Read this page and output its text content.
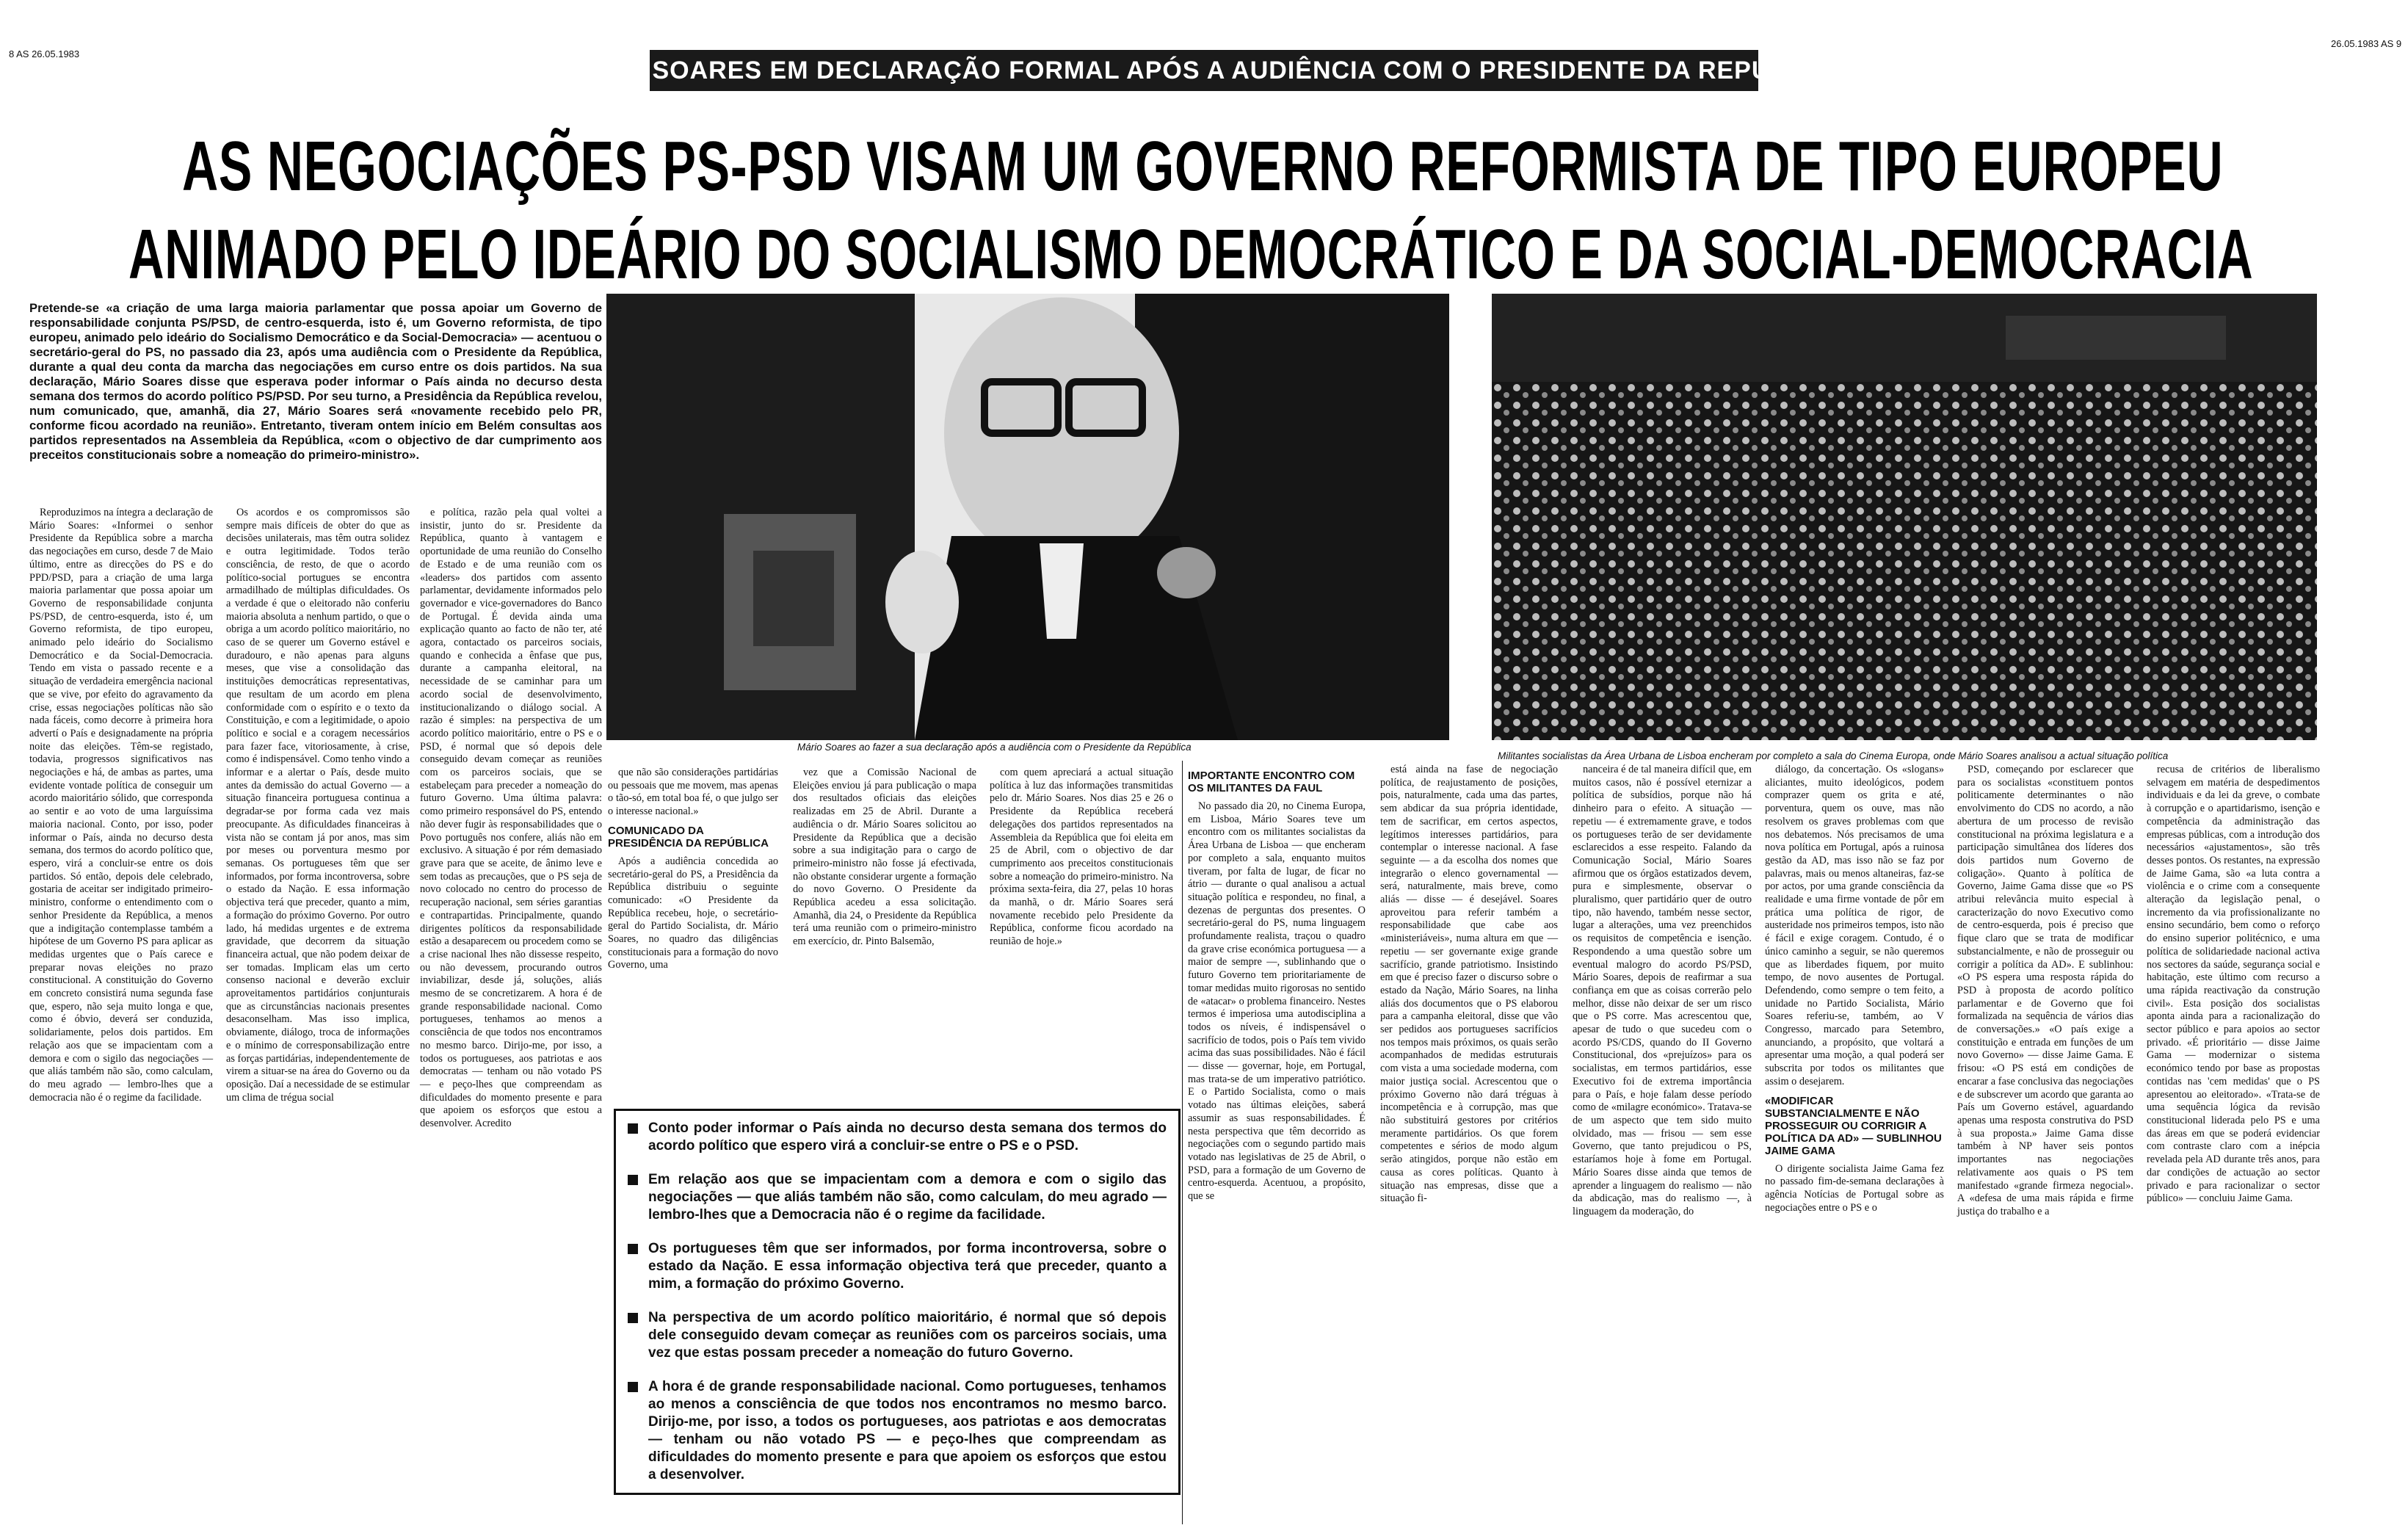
8 AS 26.05.1983
26.05.1983 AS 9
MÁRIO SOARES EM DECLARAÇÃO FORMAL APÓS A AUDIÊNCIA COM O PRESIDENTE DA REPÚBLICA
AS NEGOCIAÇÕES PS-PSD VISAM UM GOVERNO REFORMISTA DE TIPO EUROPEU
ANIMADO PELO IDEÁRIO DO SOCIALISMO DEMOCRÁTICO E DA SOCIAL-DEMOCRACIA
Pretende-se «a criação de uma larga maioria parlamentar que possa apoiar um Governo de responsabilidade conjunta PS/PSD, de centro-esquerda, isto é, um Governo reformista, de tipo europeu, animado pelo ideário do Socialismo Democrático e da Social-Democracia» — acentuou o secretário-geral do PS, no passado dia 23, após uma audiência com o Presidente da República, durante a qual deu conta da marcha das negociações em curso entre os dois partidos. Na sua declaração, Mário Soares disse que esperava poder informar o País ainda no decurso desta semana dos termos do acordo político PS/PSD. Por seu turno, a Presidência da República revelou, num comunicado, que, amanhã, dia 27, Mário Soares será «novamente recebido pelo PR, conforme ficou acordado na reunião». Entretanto, tiveram ontem início em Belém consultas aos partidos representados na Assembleia da República, «com o objectivo de dar cumprimento aos preceitos constitucionais sobre a nomeação do primeiro-ministro».
Mário Soares ao fazer a sua declaração após a audiência com o Presidente da República
Militantes socialistas da Área Urbana de Lisboa encheram por completo a sala do Cinema Europa, onde Mário Soares analisou a actual situação política

Reproduzimos na íntegra a declaração de Mário Soares: «Informei o senhor Presidente da República sobre a marcha das negociações em curso, desde 7 de Maio último, entre as direcções do PS e do PPD/PSD, para a criação de uma larga maioria parlamentar que possa apoiar um Governo de responsabilidade conjunta PS/PSD, de centro-esquerda, isto é, um Governo reformista, de tipo europeu, animado pelo ideário do Socialismo Democrático e da Social-Democracia. Tendo em vista o passado recente e a situação de verdadeira emergência nacional que se vive, por efeito do agravamento da crise, essas negociações políticas não são nada fáceis, como decorre à primeira hora advertí o País e designadamente na própria noite das eleições. Têm-se registado, todavia, progressos significativos nas negociações e há, de ambas as partes, uma evidente vontade política de conseguir um acordo maioritário sólido, que corresponda ao sentir e ao voto de uma larguíssima maioria nacional. Conto, por isso, poder informar o País, ainda no decurso desta semana, dos termos do acordo político que, espero, virá a concluir-se entre os dois partidos. Só então, depois dele celebrado, gostaria de aceitar ser indigitado primeiro-ministro, conforme o entendimento com o senhor Presidente da República, a menos que a indigitação contemplasse também a hipótese de um Governo PS para aplicar as medidas urgentes que o País carece e preparar novas eleições no prazo constitucional. A constituição do Governo em concreto consistirá numa segunda fase que, espero, não seja muito longa e que, como é óbvio, deverá ser conduzida, solidariamente, pelos dois partidos. Em relação aos que se impacientam com a demora e com o sigilo das negociações — que aliás também não são, como calculam, do meu agrado — lembro-lhes que a democracia não é o regime da facilidade.

Os acordos e os compromissos são sempre mais difíceis de obter do que as decisões unilaterais, mas têm outra solidez e outra legitimidade. Todos terão consciência, de resto, de que o acordo político-social portugues se encontra armadilhado de múltiplas dificuldades. Os a verdade é que o eleitorado não conferiu maioria absoluta a nenhum partido, o que o obriga a um acordo político maioritário, no caso de se querer um Governo estável e duradouro, e não apenas para alguns meses, que vise a consolidação das instituições democráticas representativas, que resultam de um acordo em plena conformidade com o espírito e o texto da Constituição, e com a legitimidade, o apoio político e social e a coragem necessários para fazer face, vitoriosamente, à crise, como é indispensável. Como tenho vindo a informar e a alertar o País, desde muito antes da demissão do actual Governo — a situação financeira portuguesa continua a degradar-se por forma cada vez mais preocupante. As dificuldades financeiras à vista não se contam já por anos, mas sim por meses ou porventura mesmo por semanas. Os portugueses têm que ser informados, por forma incontroversa, sobre o estado da Nação. E essa informação objectiva terá que preceder, quanto a mim, a formação do próximo Governo. Por outro lado, há medidas urgentes e de extrema gravidade, que decorrem da situação financeira actual, que não podem deixar de ser tomadas. Implicam elas um certo consenso nacional e deverão excluir aproveitamentos partidários conjunturais que as circunstâncias nacionais presentes desaconselham. Mas isso implica, obviamente, diálogo, troca de informações e o mínimo de corresponsabilização entre as forças partidárias, independentemente de virem a situar-se na área do Governo ou da oposição. Daí a necessidade de se estimular um clima de trégua social

e política, razão pela qual voltei a insistir, junto do sr. Presidente da República, quanto à vantagem e oportunidade de uma reunião do Conselho de Estado e de uma reunião com os «leaders» dos partidos com assento parlamentar, devidamente informados pelo governador e vice-governadores do Banco de Portugal. É devida ainda uma explicação quanto ao facto de não ter, até agora, contactado os parceiros sociais, quando e conhecida a ênfase que pus, durante a campanha eleitoral, na necessidade de se caminhar para um acordo social de desenvolvimento, institucionalizando o diálogo social. A razão é simples: na perspectiva de um acordo político maioritário, entre o PS e o PSD, é normal que só depois dele conseguido devam começar as reuniões com os parceiros sociais, que se estabeleçam para preceder a nomeação do futuro Governo. Uma última palavra: como primeiro responsável do PS, entendo não dever fugir às responsabilidades que o Povo português nos confere, aliás não em exclusivo. A situação é por rém demasiado grave para que se aceite, de ânimo leve e sem todas as precauções, que o PS seja de novo colocado no centro do processo de recuperação nacional, sem séries garantias e contrapartidas. Principalmente, quando dirigentes políticos da responsabilidade estão a desaparecem ou procedem como se a crise nacional lhes não dissesse respeito, ou não devessem, procurando outros inviabilizar, desde já, soluções, aliás mesmo de se concretizarem. A hora é de grande responsabilidade nacional. Como portugueses, tenhamos ao menos a consciência de que todos nos encontramos no mesmo barco. Dirijo-me, por isso, a todos os portugueses, aos patriotas e aos democratas — tenham ou não votado PS — e peço-lhes que compreendam as dificuldades do momento presente e para que apoiem os esforços que estou a desenvolver. Acredito

que não são considerações partidárias ou pessoais que me movem, mas apenas o tão-só, em total boa fé, o que julgo ser o interesse nacional.»

COMUNICADO DA PRESIDÊNCIA DA REPÚBLICA

Após a audiência concedida ao secretário-geral do PS, a Presidência da República distribuiu o seguinte comunicado: «O Presidente da República recebeu, hoje, o secretário-geral do Partido Socialista, dr. Mário Soares, no quadro das diligências constitucionais para a formação do novo Governo, uma

vez que a Comissão Nacional de Eleições enviou já para publicação o mapa dos resultados oficiais das eleições realizadas em 25 de Abril. Durante a audiência o dr. Mário Soares solicitou ao Presidente da República que a decisão sobre a sua indigitação para o cargo de primeiro-ministro não fosse já efectivada, não obstante considerar urgente a formação do novo Governo. O Presidente da República acedeu a essa solicitação. Amanhã, dia 24, o Presidente da República terá uma reunião com o primeiro-ministro em exercício, dr. Pinto Balsemão,

com quem apreciará a actual situação política à luz das informações transmitidas pelo dr. Mário Soares. Nos dias 25 e 26 o Presidente da República receberá delegações dos partidos representados na Assembleia da República que foi eleita em 25 de Abril, com o objectivo de dar cumprimento aos preceitos constitucionais sobre a nomeação do primeiro-ministro. Na próxima sexta-feira, dia 27, pelas 10 horas da manhã, o dr. Mário Soares será novamente recebido pelo Presidente da República, conforme ficou acordado na reunião de hoje.»

IMPORTANTE ENCONTRO COM OS MILITANTES DA FAUL

No passado dia 20, no Cinema Europa, em Lisboa, Mário Soares teve um encontro com os militantes socialistas da Área Urbana de Lisboa — que encheram por completo a sala, enquanto muitos tiveram, por falta de lugar, de ficar no átrio — durante o qual analisou a actual situação política e respondeu, no final, a dezenas de perguntas dos presentes. O secretário-geral do PS, numa linguagem profundamente realista, traçou o quadro da grave crise económica portuguesa — a maior de sempre —, sublinhando que o futuro Governo tem prioritariamente de tomar medidas muito rigorosas no sentido de «atacar» o problema financeiro. Nestes termos é imperiosa uma autodisciplina a todos os níveis, é indispensável o sacrifício de todos, pois o País tem vivido acima das suas possibilidades. Não é fácil — disse — governar, hoje, em Portugal, mas trata-se de um imperativo patriótico. E o Partido Socialista, como o mais votado nas últimas eleições, saberá assumir as suas responsabilidades. É nesta perspectiva que têm decorrido as negociações com o segundo partido mais votado nas legislativas de 25 de Abril, o PSD, para a formação de um Governo de centro-esquerda. Acentuou, a propósito, que se

está ainda na fase de negociação política, de reajustamento de posições, pois, naturalmente, cada uma das partes, sem abdicar da sua própria identidade, tem de sacrificar, em certos aspectos, legítimos interesses partidários, para contemplar o interesse nacional. A fase seguinte — a da escolha dos nomes que integrarão o elenco governamental — será, naturalmente, mais breve, como aliás — disse — é desejável. Soares aproveitou para referir também a responsabilidade que cabe aos «ministeriáveis», numa altura em que — repetiu — ser governante exige grande sacrifício, grande patriotismo. Insistindo em que é preciso fazer o discurso sobre o estado da Nação, Mário Soares, na linha aliás dos documentos que o PS elaborou para a campanha eleitoral, disse que vão ser pedidos aos portugueses sacrifícios nos tempos mais próximos, os quais serão acompanhados de medidas estruturais com vista a uma sociedade moderna, com maior justiça social. Acrescentou que o próximo Governo não dará tréguas à incompetência e à corrupção, mas que não substituirá gestores por critérios meramente partidários. Os que forem competentes e sérios de modo algum serão atingidos, porque não estão em causa as cores políticas. Quanto à situação nas empresas, disse que a situação fi-

nanceira é de tal maneira difícil que, em muitos casos, não é possível eternizar a política de subsídios, porque não há dinheiro para o efeito. A situação — repetiu — é extremamente grave, e todos os portugueses terão de ser devidamente esclarecidos a esse respeito. Falando da Comunicação Social, Mário Soares afirmou que os órgãos estatizados devem, pura e simplesmente, observar o pluralismo, quer partidário quer de outro tipo, não havendo, também nesse sector, lugar a alterações, uma vez preenchidos os requisitos de competência e isenção. Respondendo a uma questão sobre um eventual malogro do acordo PS/PSD, Mário Soares, depois de reafirmar a sua confiança em que as coisas correrão pelo melhor, disse não deixar de ser um risco que o PS corre. Mas acrescentou que, apesar de tudo o que sucedeu com o acordo PS/CDS, quando do II Governo Constitucional, dos «prejuízos» para os socialistas, em termos partidários, esse Executivo foi de extrema importância para o País, e hoje falam desse período como de «milagre económico». Tratava-se de um aspecto que tem sido muito olvidado, mas — frisou — sem esse Governo, que tanto prejudicou o PS, estaríamos hoje à fome em Portugal. Mário Soares disse ainda que temos de aprender a linguagem do realismo — não da abdicação, mas do realismo —, à linguagem da moderação, do

diálogo, da concertação. Os «slogans» aliciantes, muito ideológicos, podem comprazer quem os grita e até, porventura, quem os ouve, mas não resolvem os graves problemas com que nos debatemos. Nós precisamos de uma nova política em Portugal, após a ruinosa gestão da AD, mas isso não se faz por palavras, mais ou menos altaneiras, faz-se por actos, por uma grande consciência da realidade e uma firme vontade de pôr em prática uma política de rigor, de austeridade nos primeiros tempos, isto não é fácil e exige coragem. Contudo, é o único caminho a seguir, se não queremos que as liberdades fiquem, por muito tempo, de novo ausentes de Portugal. Defendendo, como sempre o tem feito, a unidade no Partido Socialista, Mário Soares referiu-se, também, ao V Congresso, marcado para Setembro, anunciando, a propósito, que voltará a apresentar uma moção, a qual poderá ser subscrita por todos os militantes que assim o desejarem.

«MODIFICAR SUBSTANCIALMENTE E NÃO PROSSEGUIR OU CORRIGIR A POLÍTICA DA AD» — SUBLINHOU JAIME GAMA

O dirigente socialista Jaime Gama fez no passado fim-de-semana declarações à agência Notícias de Portugal sobre as negociações entre o PS e o

PSD, começando por esclarecer que para os socialistas «constituem pontos politicamente determinantes o não envolvimento do CDS no acordo, a não abertura de um processo de revisão constitucional na próxima legislatura e a participação simultânea dos líderes dos dois partidos num Governo de coligação». Quanto à política de Governo, Jaime Gama disse que «o PS atribui relevância muito especial à caracterização do novo Executivo como de centro-esquerda, pois é preciso que fique claro que se trata de modificar substancialmente, e não de prosseguir ou corrigir a política da AD». E sublinhou: «O PS espera uma resposta rápida do PSD à proposta de acordo político parlamentar e de Governo que foi formalizada na sequência de vários dias de conversações.» «O país exige a constituição e entrada em funções de um novo Governo» — disse Jaime Gama. E frisou: «O PS está em condições de encarar a fase conclusiva das negociações e de subscrever um acordo que garanta ao País um Governo estável, aguardando apenas uma resposta construtiva do PSD à sua proposta.» Jaime Gama disse também à NP haver seis pontos importantes nas negociações relativamente aos quais o PS tem manifestado «grande firmeza negocial». A «defesa de uma mais rápida e firme justiça do trabalho e a

recusa de critérios de liberalismo selvagem em matéria de despedimentos individuais e da lei da greve, o combate à corrupção e o apartidarismo, isenção e competência da administração das empresas públicas, com a introdução dos necessários «ajustamentos», são três desses pontos. Os restantes, na expressão de Jaime Gama, são «a luta contra a violência e o crime com a consequente alteração da legislação penal, o incremento da via profissionalizante no ensino secundário, bem como o reforço do ensino superior politécnico, e uma política de solidariedade nacional activa nos sectores da saúde, segurança social e habitação, este último com recurso a uma rápida reactivação da construção civil». Esta posição dos socialistas aponta ainda para a racionalização do sector público e para apoios ao sector privado. «É prioritário — disse Jaime Gama — modernizar o sistema económico tendo por base as propostas contidas nas 'cem medidas' que o PS apresentou ao eleitorado». «Trata-se de uma sequência lógica da revisão constitucional liderada pelo PS e uma das áreas em que se poderá evidenciar com contraste claro com a inépcia revelada pela AD durante três anos, para dar condições de actuação ao sector privado e para racionalizar o sector público» — concluiu Jaime Gama.

Conto poder informar o País ainda no decurso desta semana dos termos do acordo político que espero virá a concluir-se entre o PS e o PSD.
Em relação aos que se impacientam com a demora e com o sigilo das negociações — que aliás também não são, como calculam, do meu agrado — lembro-lhes que a Democracia não é o regime da facilidade.
Os portugueses têm que ser informados, por forma incontroversa, sobre o estado da Nação. E essa informação objectiva terá que preceder, quanto a mim, a formação do próximo Governo.
Na perspectiva de um acordo político maioritário, é normal que só depois dele conseguido devam começar as reuniões com os parceiros sociais, uma vez que estas possam preceder a nomeação do futuro Governo.
A hora é de grande responsabilidade nacional. Como portugueses, tenhamos ao menos a consciência de que todos nos encontramos no mesmo barco. Dirijo-me, por isso, a todos os portugueses, aos patriotas e aos democratas — tenham ou não votado PS — e peço-lhes que compreendam as dificuldades do momento presente e para que apoiem os esforços que estou a desenvolver.
